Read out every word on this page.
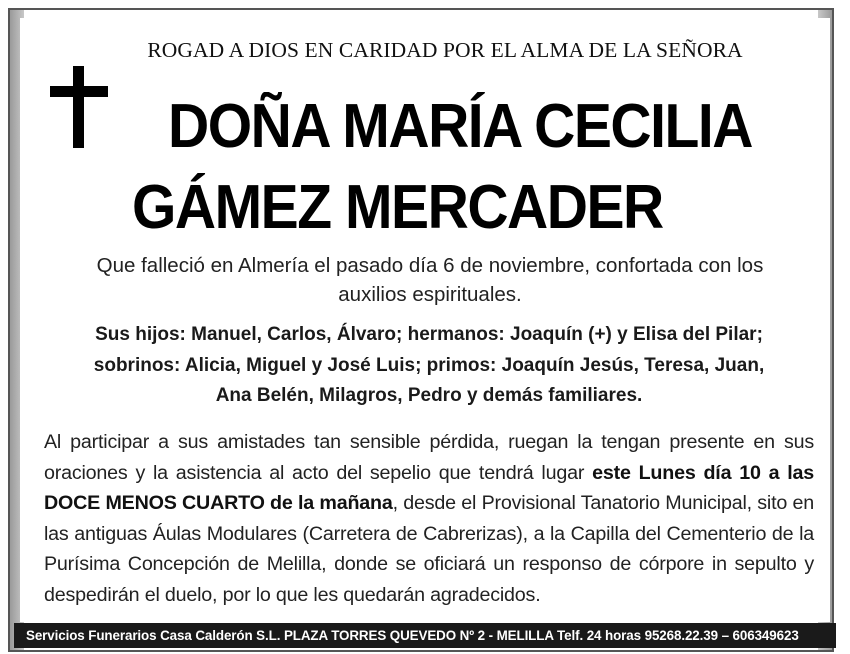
ROGAD A DIOS EN CARIDAD POR EL ALMA DE LA SEÑORA
DOÑA MARÍA CECILIA
GÁMEZ MERCADER
Que falleció en Almería el pasado día 6 de noviembre, confortada con los
auxilios espirituales.
Sus hijos: Manuel, Carlos, Álvaro; hermanos: Joaquín (+) y Elisa del Pilar;
sobrinos: Alicia, Miguel y José Luis; primos: Joaquín Jesús, Teresa, Juan,
Ana Belén, Milagros, Pedro y demás familiares.
Al participar a sus amistades tan sensible pérdida, ruegan la tengan presente en sus oraciones y la asistencia al acto del sepelio que tendrá lugar este Lunes día 10 a las DOCE MENOS CUARTO de la mañana, desde el Provisional Tanatorio Municipal, sito en las antiguas Áulas Modulares (Carretera de Cabrerizas), a la Capilla del Cementerio de la Purísima Concepción de Melilla, donde se oficiará un responso de córpore in sepulto y despedirán el duelo, por lo que les quedarán agradecidos.
Servicios Funerarios Casa Calderón S.L. PLAZA TORRES QUEVEDO Nº 2 - MELILLA Telf. 24 horas 95268.22.39 – 606349623
